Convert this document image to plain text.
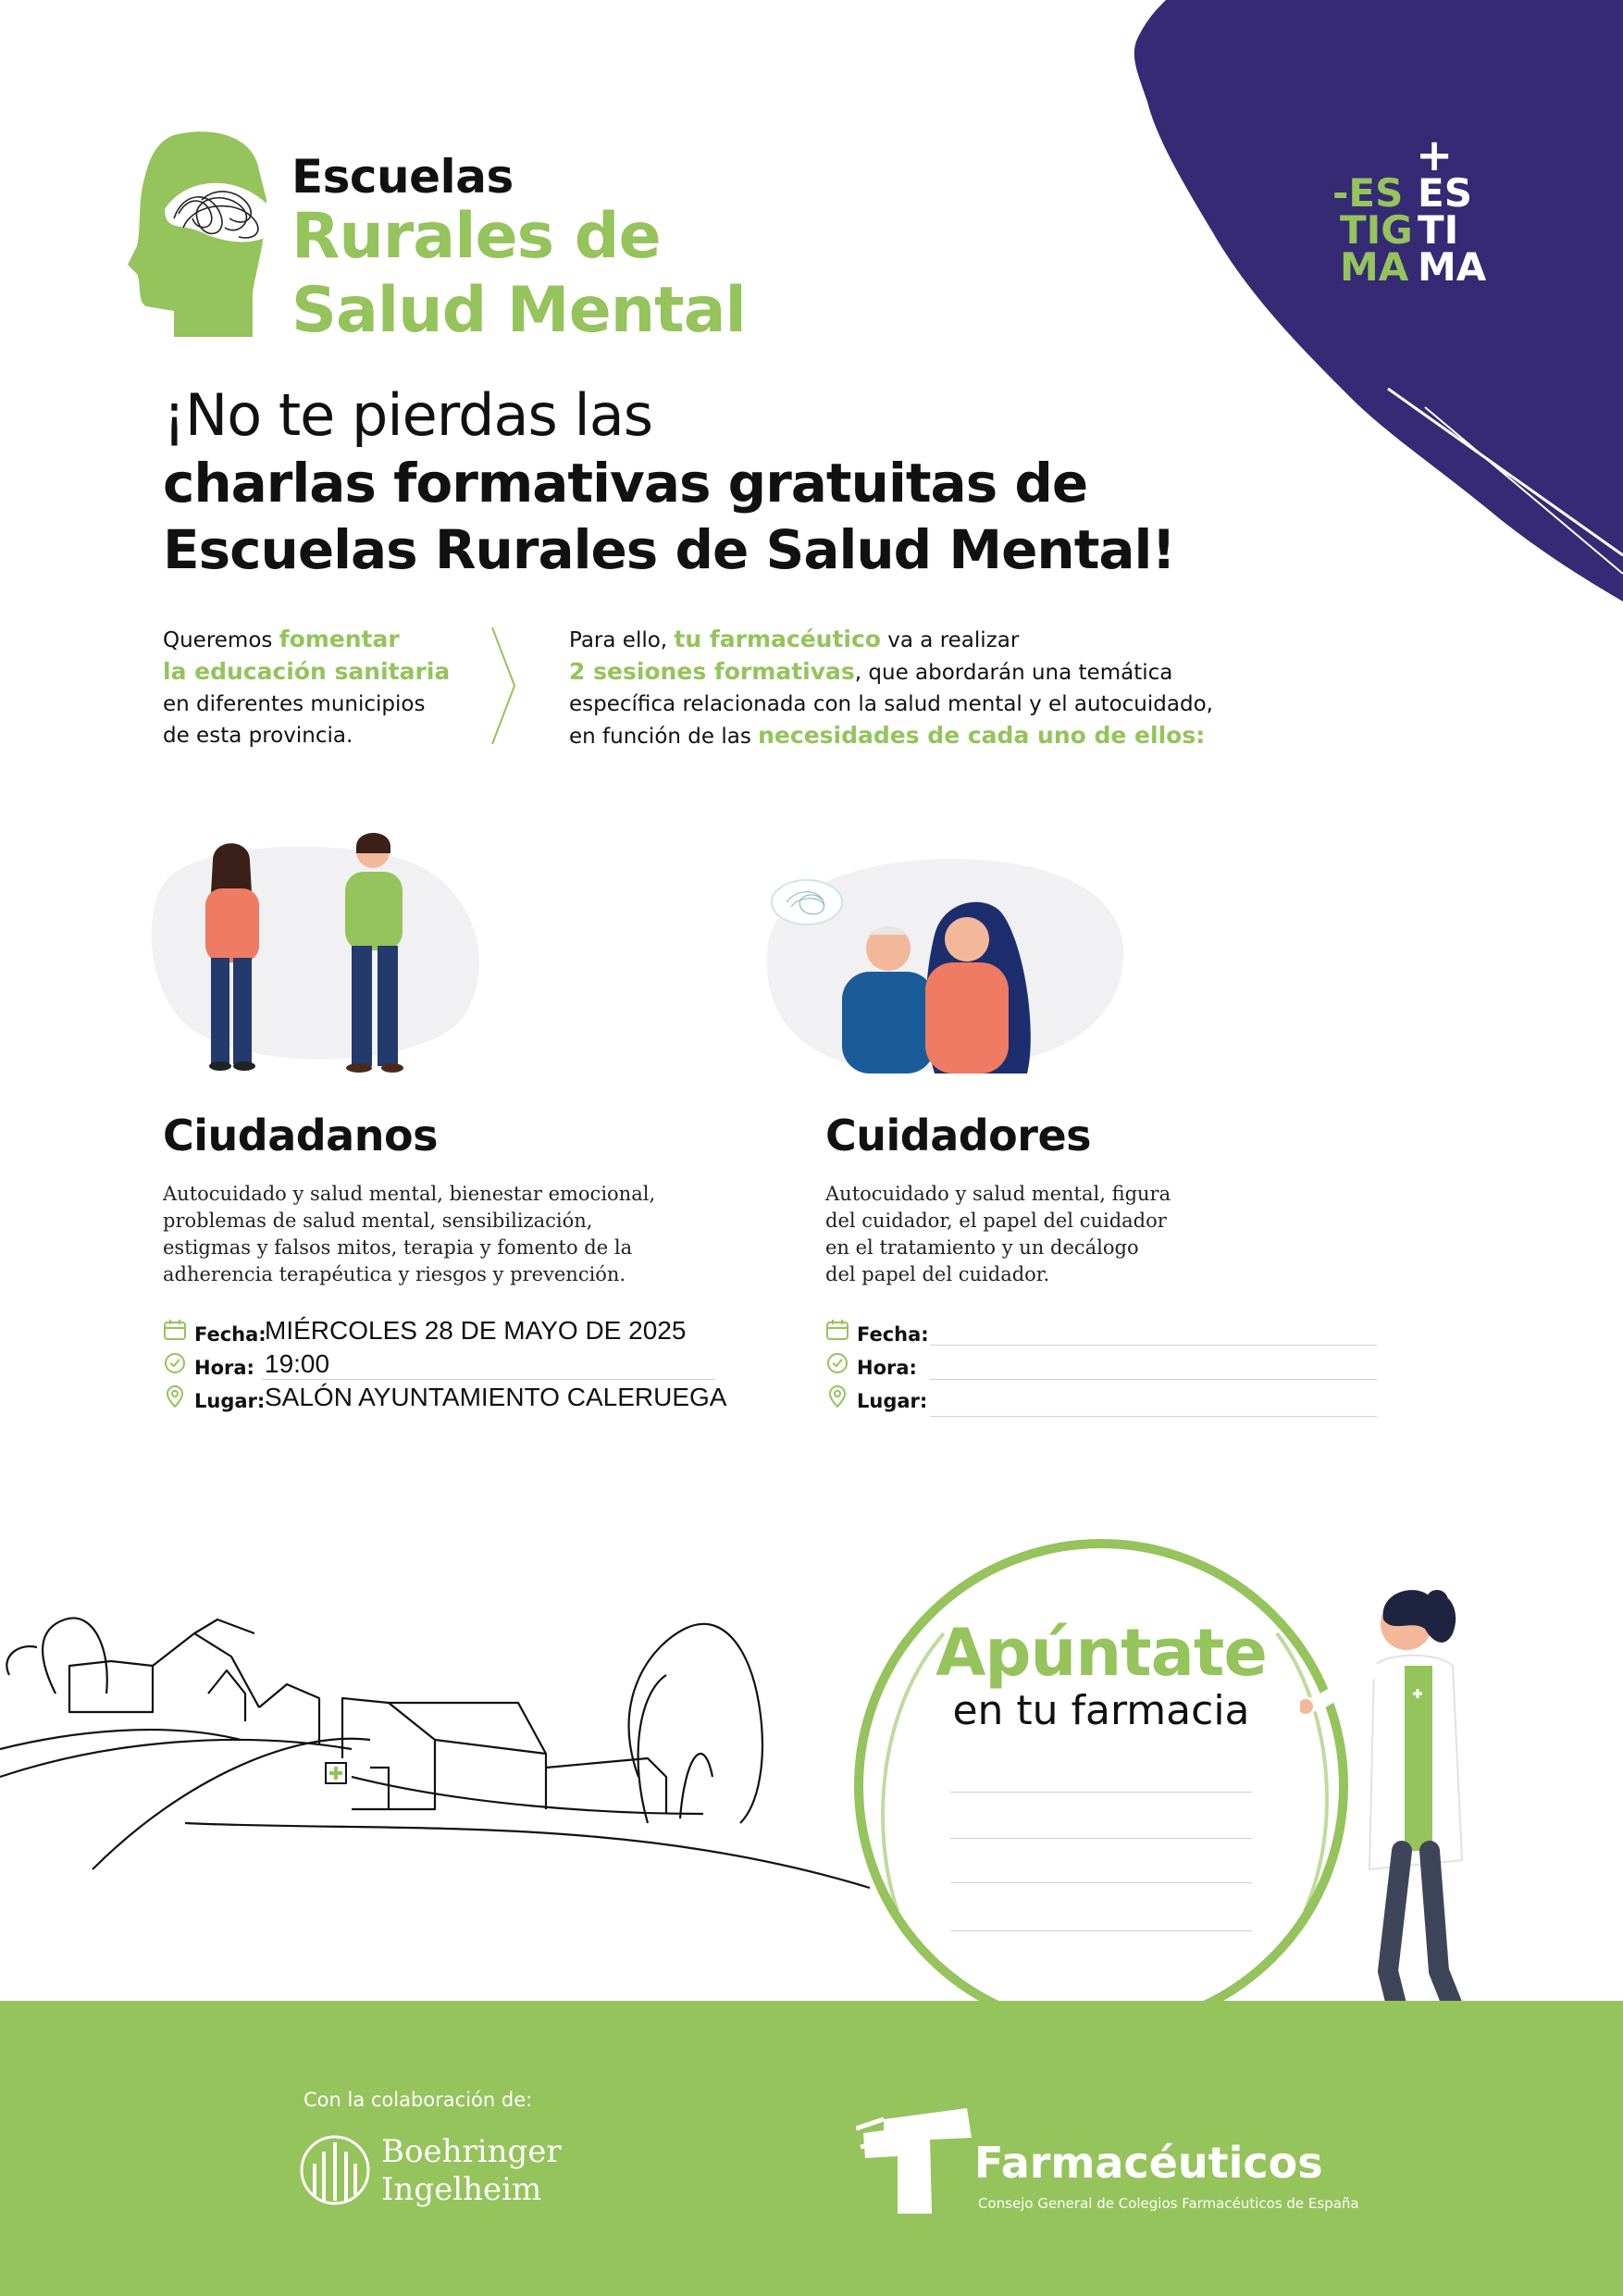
+
-ES
TIG
MA
ES
TI
MA
Escuelas
Rurales de
Salud Mental
¡No te pierdas las
charlas formativas gratuitas de
Escuelas Rurales de Salud Mental!
Queremos fomentar
la educación sanitaria
en diferentes municipios
de esta provincia.
Para ello, tu farmacéutico va a realizar
2 sesiones formativas, que abordarán una temática
específica relacionada con la salud mental y el autocuidado,
en función de las necesidades de cada uno de ellos:
Ciudadanos
Autocuidado y salud mental, bienestar emocional,
problemas de salud mental, sensibilización,
estigmas y falsos mitos, terapia y fomento de la
adherencia terapéutica y riesgos y prevención.
Fecha:
MIÉRCOLES 28 DE MAYO DE 2025
Hora: 19:00
Lugar: SALÓN AYUNTAMIENTO CALERUEGA
Cuidadores
Autocuidado y salud mental, figura
del cuidador, el papel del cuidador
en el tratamiento y un decálogo
del papel del cuidador.
Fecha:
Hora:
Lugar:
Apúntate
en tu farmacia
Con la colaboración de:
Boehringer
Ingelheim
Farmacéuticos
Consejo General de Colegios Farmacéuticos de España
